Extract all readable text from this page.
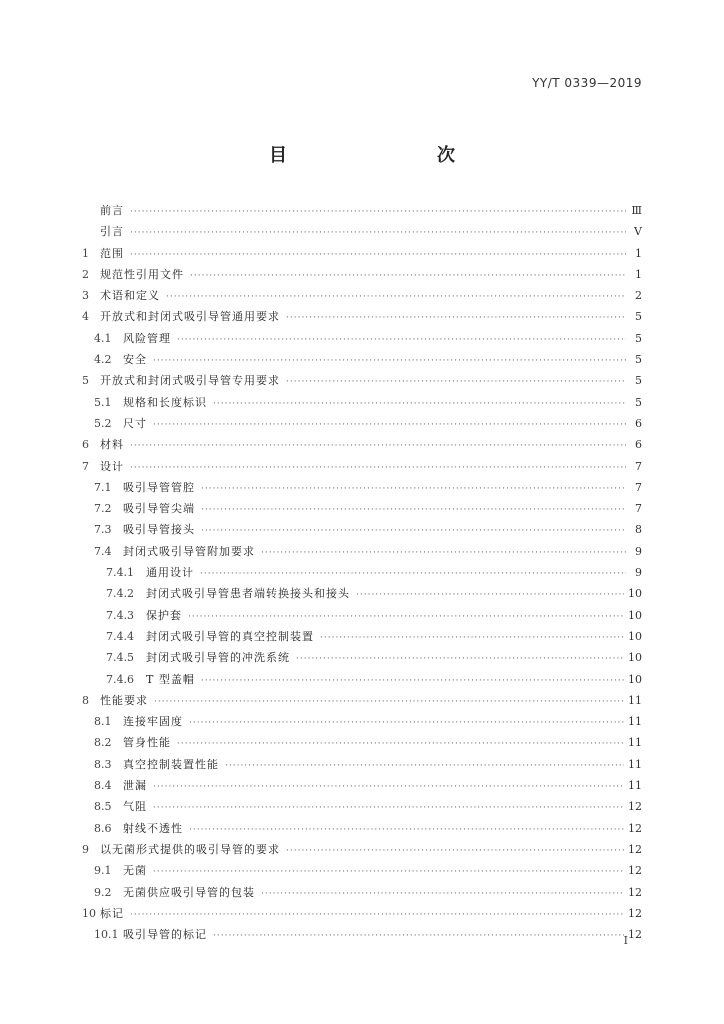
YY/T 0339—2019
目　　次
前言 ·····	Ⅲ
引言 ·····	Ⅴ
1	范围 ·····	1
2	规范性引用文件 ·····	1
3	术语和定义 ·····	2
4	开放式和封闭式吸引导管通用要求 ·····	5
4.1	风险管理 ·····	5
4.2	安全 ·····	5
5	开放式和封闭式吸引导管专用要求 ·····	5
5.1	规格和长度标识 ·····	5
5.2	尺寸 ·····	6
6	材料 ·····	6
7	设计 ·····	7
7.1	吸引导管管腔 ·····	7
7.2	吸引导管尖端 ·····	7
7.3	吸引导管接头 ·····	8
7.4	封闭式吸引导管附加要求 ·····	9
7.4.1	通用设计 ·····	9
7.4.2	封闭式吸引导管患者端转换接头和接头 ·····	10
7.4.3	保护套 ·····	10
7.4.4	封闭式吸引导管的真空控制装置 ·····	10
7.4.5	封闭式吸引导管的冲洗系统 ·····	10
7.4.6	T 型盖帽 ·····	10
8	性能要求 ·····	11
8.1	连接牢固度 ·····	11
8.2	管身性能 ·····	11
8.3	真空控制装置性能 ·····	11
8.4	泄漏 ·····	11
8.5	气阻 ·····	12
8.6	射线不透性 ·····	12
9	以无菌形式提供的吸引导管的要求 ·····	12
9.1	无菌 ·····	12
9.2	无菌供应吸引导管的包装 ·····	12
10 标记 ·····	12
10.1 吸引导管的标记 ·····	12
I
